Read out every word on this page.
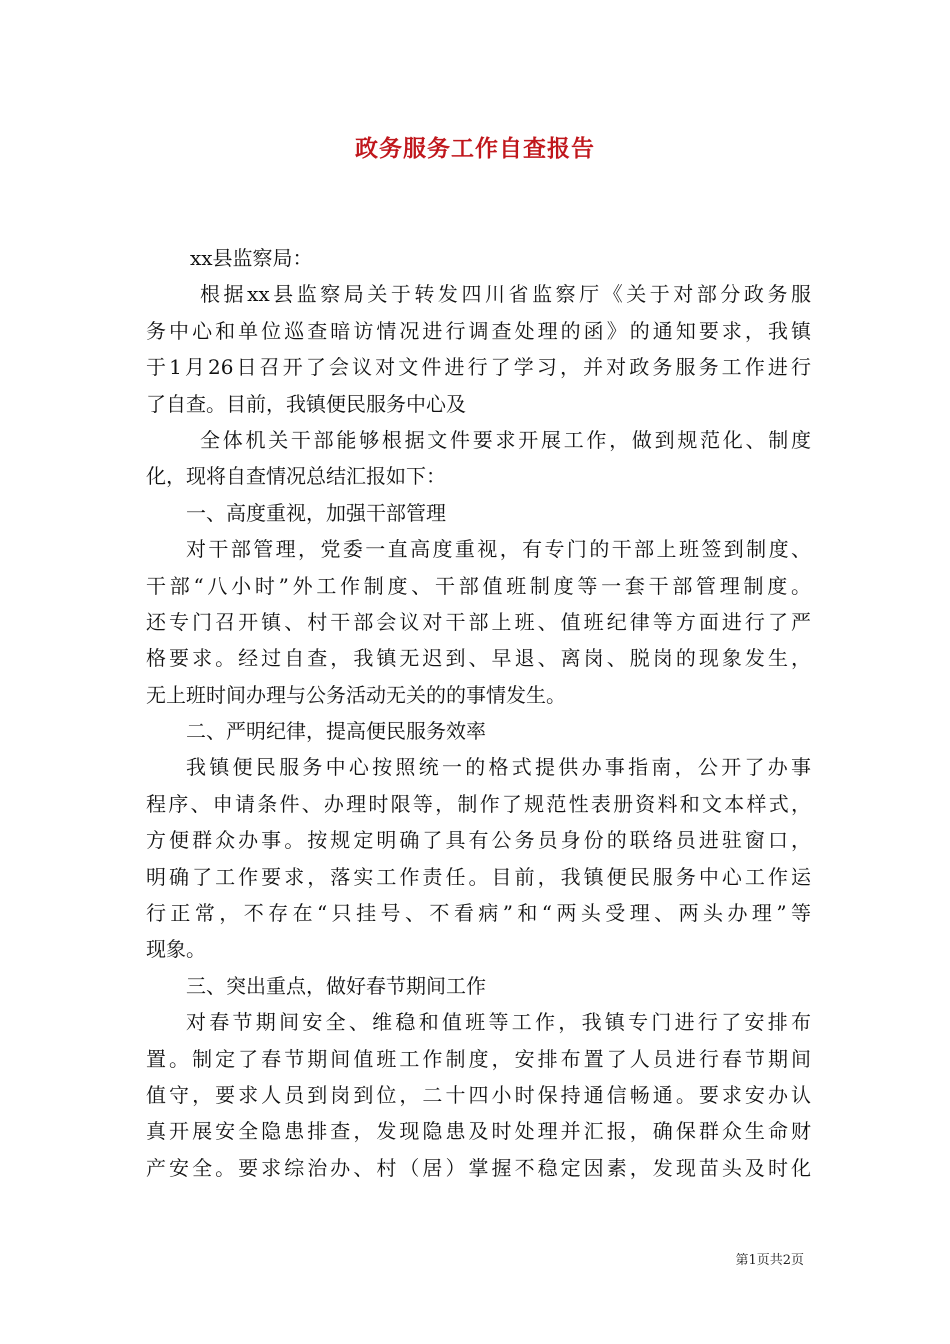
政务服务工作自查报告
xx县监察局：
根据xx县监察局关于转发四川省监察厅《关于对部分政务服
务中心和单位巡查暗访情况进行调查处理的函》的通知要求，我镇
于1月26日召开了会议对文件进行了学习，并对政务服务工作进行
了自查。目前，我镇便民服务中心及
全体机关干部能够根据文件要求开展工作，做到规范化、制度
化，现将自查情况总结汇报如下：
一、高度重视，加强干部管理
对干部管理，党委一直高度重视，有专门的干部上班签到制度、
干部“八小时”外工作制度、干部值班制度等一套干部管理制度。
还专门召开镇、村干部会议对干部上班、值班纪律等方面进行了严
格要求。经过自查，我镇无迟到、早退、离岗、脱岗的现象发生，
无上班时间办理与公务活动无关的的事情发生。
二、严明纪律，提高便民服务效率
我镇便民服务中心按照统一的格式提供办事指南，公开了办事
程序、申请条件、办理时限等，制作了规范性表册资料和文本样式，
方便群众办事。按规定明确了具有公务员身份的联络员进驻窗口，
明确了工作要求，落实工作责任。目前，我镇便民服务中心工作运
行正常，不存在“只挂号、不看病”和“两头受理、两头办理”等
现象。
三、突出重点，做好春节期间工作
对春节期间安全、维稳和值班等工作，我镇专门进行了安排布
置。制定了春节期间值班工作制度，安排布置了人员进行春节期间
值守，要求人员到岗到位，二十四小时保持通信畅通。要求安办认
真开展安全隐患排查，发现隐患及时处理并汇报，确保群众生命财
产安全。要求综治办、村（居）掌握不稳定因素，发现苗头及时化
第1页共2页
